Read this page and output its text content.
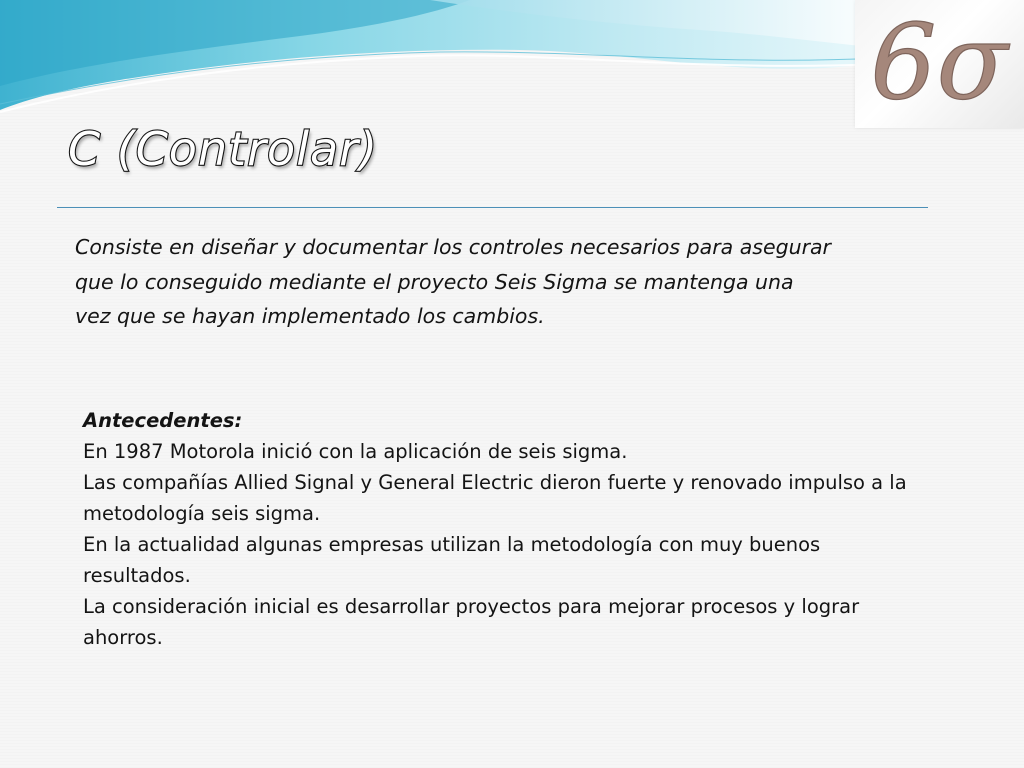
6σ
C (Controlar)

Consiste en diseñar y documentar los controles necesarios para asegurar que lo conseguido mediante el proyecto Seis Sigma se mantenga una vez que se hayan implementado los cambios.

Antecedentes:

En 1987 Motorola inició con la aplicación de seis sigma.

Las compañías Allied Signal y General Electric dieron fuerte y renovado impulso a la metodología seis sigma.

En la actualidad algunas empresas utilizan la metodología con muy buenos resultados.

La consideración inicial es desarrollar proyectos para mejorar procesos y lograr ahorros.
